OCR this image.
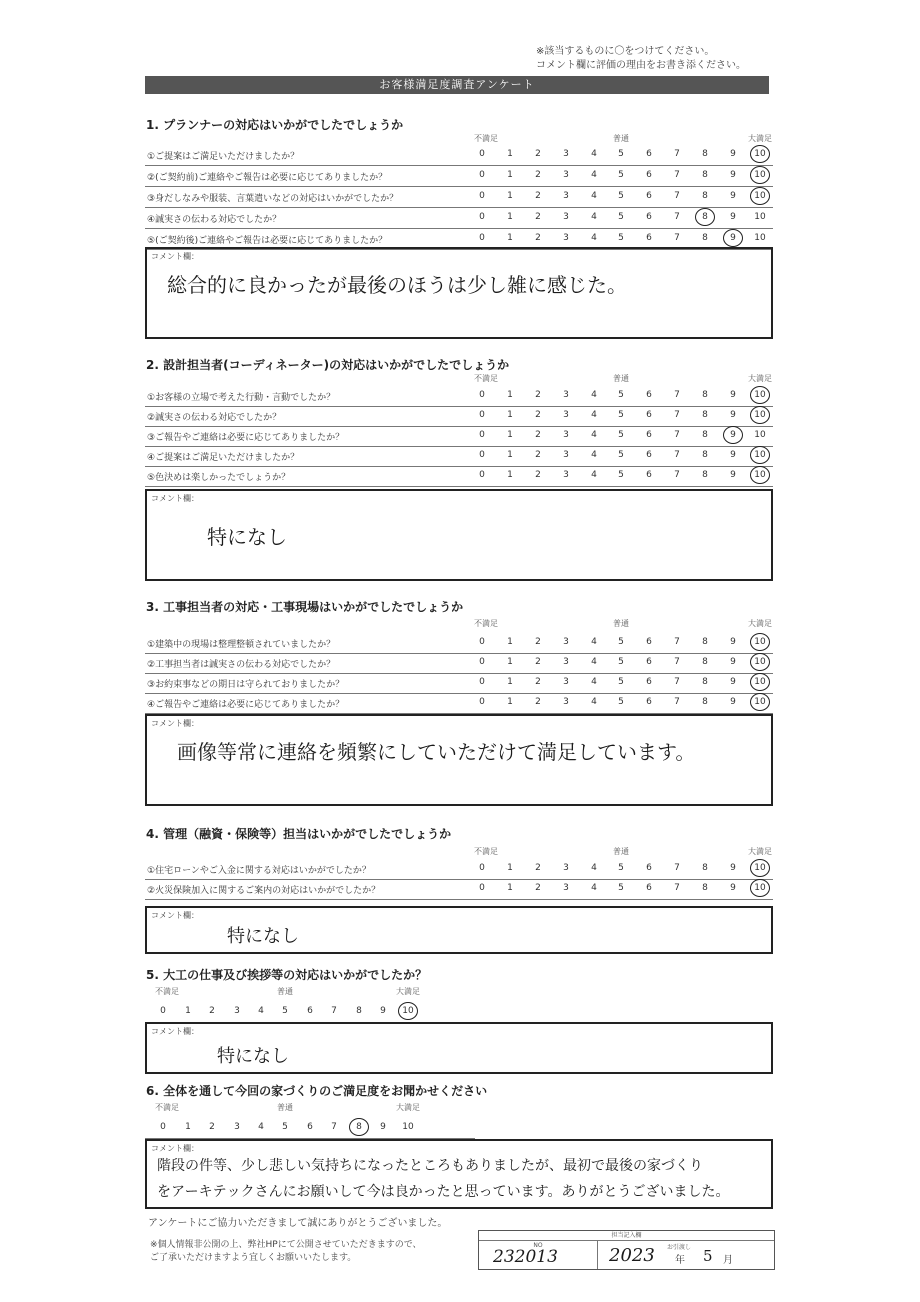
※該当するものに〇をつけてください。
コメント欄に評価の理由をお書き添ください。
お客様満足度調査アンケート
1. プランナーの対応はいかがでしたでしょうか
不満足	普通	大満足
①ご提案はご満足いただけましたか？	0	1	2	3	4	5	6	7	8	9	10
②(ご契約前)ご連絡やご報告は必要に応じてありましたか？	0	1	2	3	4	5	6	7	8	9	10
③身だしなみや服装、言葉遣いなどの対応はいかがでしたか？	0	1	2	3	4	5	6	7	8	9	10
④誠実さの伝わる対応でしたか？	0	1	2	3	4	5	6	7	8	9	10
⑤(ご契約後)ご連絡やご報告は必要に応じてありましたか？	0	1	2	3	4	5	6	7	8	9	10
コメント欄：
総合的に良かったが最後のほうは少し雑に感じた。
2. 設計担当者(コーディネーター)の対応はいかがでしたでしょうか
不満足	普通	大満足
①お客様の立場で考えた行動・言動でしたか？	0	1	2	3	4	5	6	7	8	9	10
②誠実さの伝わる対応でしたか？	0	1	2	3	4	5	6	7	8	9	10
③ご報告やご連絡は必要に応じてありましたか？	0	1	2	3	4	5	6	7	8	9	10
④ご提案はご満足いただけましたか？	0	1	2	3	4	5	6	7	8	9	10
⑤色決めは楽しかったでしょうか？	0	1	2	3	4	5	6	7	8	9	10
コメント欄：
特になし
3. 工事担当者の対応・工事現場はいかがでしたでしょうか
不満足	普通	大満足
①建築中の現場は整理整頓されていましたか？	0	1	2	3	4	5	6	7	8	9	10
②工事担当者は誠実さの伝わる対応でしたか？	0	1	2	3	4	5	6	7	8	9	10
③お約束事などの期日は守られておりましたか？	0	1	2	3	4	5	6	7	8	9	10
④ご報告やご連絡は必要に応じてありましたか？	0	1	2	3	4	5	6	7	8	9	10
コメント欄：
画像等常に連絡を頻繁にしていただけて満足しています。
4. 管理（融資・保険等）担当はいかがでしたでしょうか
不満足	普通	大満足
①住宅ローンやご入金に関する対応はいかがでしたか？	0	1	2	3	4	5	6	7	8	9	10
②火災保険加入に関するご案内の対応はいかがでしたか？	0	1	2	3	4	5	6	7	8	9	10
コメント欄：
特になし
5. 大工の仕事及び挨拶等の対応はいかがでしたか？
不満足	普通	大満足
0	1	2	3	4	5	6	7	8	9	10
コメント欄：
特になし
6. 全体を通して今回の家づくりのご満足度をお聞かせください
不満足	普通	大満足
0	1	2	3	4	5	6	7	8	9	10
コメント欄：
階段の件等、少し悲しい気持ちになったところもありましたが、最初で最後の家づくり
をアーキテックさんにお願いして今は良かったと思っています。ありがとうございました。
アンケートにご協力いただきまして誠にありがとうございました。
※個人情報非公開の上、弊社HPにて公開させていただきますので、
ご了承いただけますよう宜しくお願いいたします。
担当記入欄
NO	お引渡し
232013	2023 年 5 月
